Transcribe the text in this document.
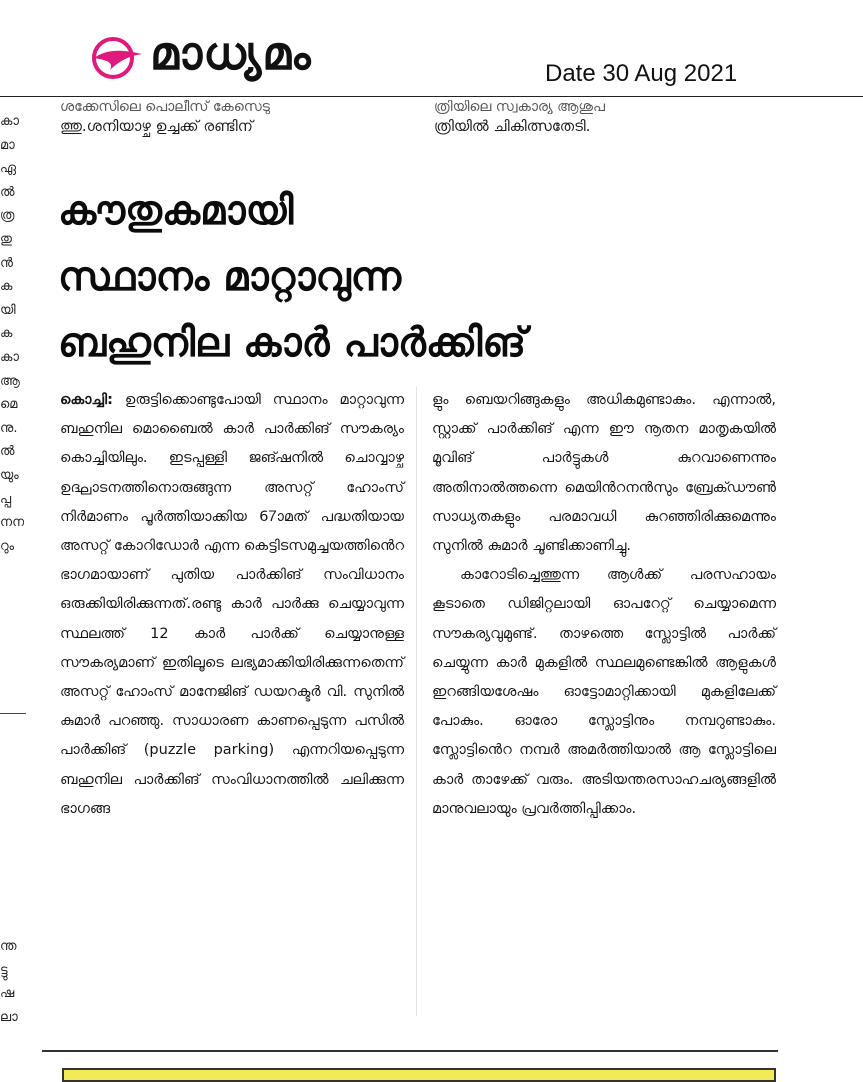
മാധ്യമം	Date 30 Aug 2021
ശക്കേസിലെ പൊലീസ് കേസെടു
ത്തു.ശനിയാഴ്ച ഉച്ചക്ക് രണ്ടിന്
ത്രിയിലെ സ്വകാര്യ ആശുപ
ത്രിയിൽ ചികിത്സതേടി.
കാ
മാ
ഏ
ൽ
ത്ര
തു
ൻ
ക
യി
ക
കാ
ആ
മെ
നു.
ൽ
യും
പ്പ
നന
റും
ന്ത
ട്ടു
ഷ
ലാ
കൗതുകമായി
സ്ഥാനം മാറ്റാവുന്ന
ബഹുനില കാർ പാർക്കിങ്
കൊച്ചി: ഉരുട്ടിക്കൊണ്ടുപോയി സ്ഥാനം മാറ്റാവുന്ന ബഹുനില മൊബൈൽ കാർ പാർക്കിങ് സൗകര്യം കൊച്ചിയിലും. ഇടപ്പള്ളി ജങ്ഷനിൽ ചൊവ്വാഴ്ച ഉദ്ഘാടനത്തിനൊരുങ്ങുന്ന അസറ്റ് ഹോംസ് നിർമാണം പൂർത്തിയാക്കിയ 67ാമത് പദ്ധതിയായ അസറ്റ് കോറിഡോർ എന്ന കെട്ടിടസമുച്ചയത്തിൻെറ ഭാഗമായാണ് പുതിയ പാർക്കിങ് സംവിധാനം ഒരുക്കിയിരിക്കുന്നത്.രണ്ടു കാർ പാർക്കു ചെയ്യാവുന്ന സ്ഥലത്ത് 12 കാർ പാർക്ക് ചെയ്യാനുള്ള സൗകര്യമാണ് ഇതിലൂടെ ലഭ്യമാക്കിയിരിക്കുന്നതെന്ന് അസറ്റ് ഹോംസ് മാനേജിങ് ഡയറക്ടർ വി. സുനിൽ കുമാർ പറഞ്ഞു. സാധാരണ കാണപ്പെടുന്ന പസിൽ പാർക്കിങ് (puzzle parking) എന്നറിയപ്പെടുന്ന ബഹുനില പാർക്കിങ് സംവിധാനത്തിൽ ചലിക്കുന്ന ഭാഗങ്ങ
ളും ബെയറിങ്ങുകളും അധികമുണ്ടാകും. എന്നാൽ, സ്റ്റാക്ക് പാർക്കിങ് എന്ന ഈ നൂതന മാതൃകയിൽ മൂവിങ് പാർട്ടുകൾ കുറവാണെന്നും അതിനാൽത്തന്നെ മെയിൻറനൻസും ബ്രേക്ഡൗൺ സാധ്യതകളും പരമാവധി കുറഞ്ഞിരിക്കുമെന്നും സുനിൽ കുമാർ ചൂണ്ടിക്കാണിച്ചു.
കാറോടിച്ചെത്തുന്ന ആൾക്ക് പരസഹായം കൂടാതെ ഡിജിറ്റലായി ഓപറേറ്റ് ചെയ്യാമെന്ന സൗകര്യവുമുണ്ട്. താഴത്തെ സ്ലോട്ടിൽ പാർക്ക് ചെയ്യുന്ന കാർ മുകളിൽ സ്ഥലമുണ്ടെങ്കിൽ ആളുകൾ ഇറങ്ങിയശേഷം ഓട്ടോമാറ്റിക്കായി മുകളിലേക്ക് പോകും. ഓരോ സ്ലോട്ടിനും നമ്പറുണ്ടാകും. സ്ലോട്ടിൻെറ നമ്പർ അമർത്തിയാൽ ആ സ്ലോട്ടിലെ കാർ താഴേക്ക് വരും. അടിയന്തരസാഹചര്യങ്ങളിൽ മാനുവലായും പ്രവർത്തിപ്പിക്കാം.
